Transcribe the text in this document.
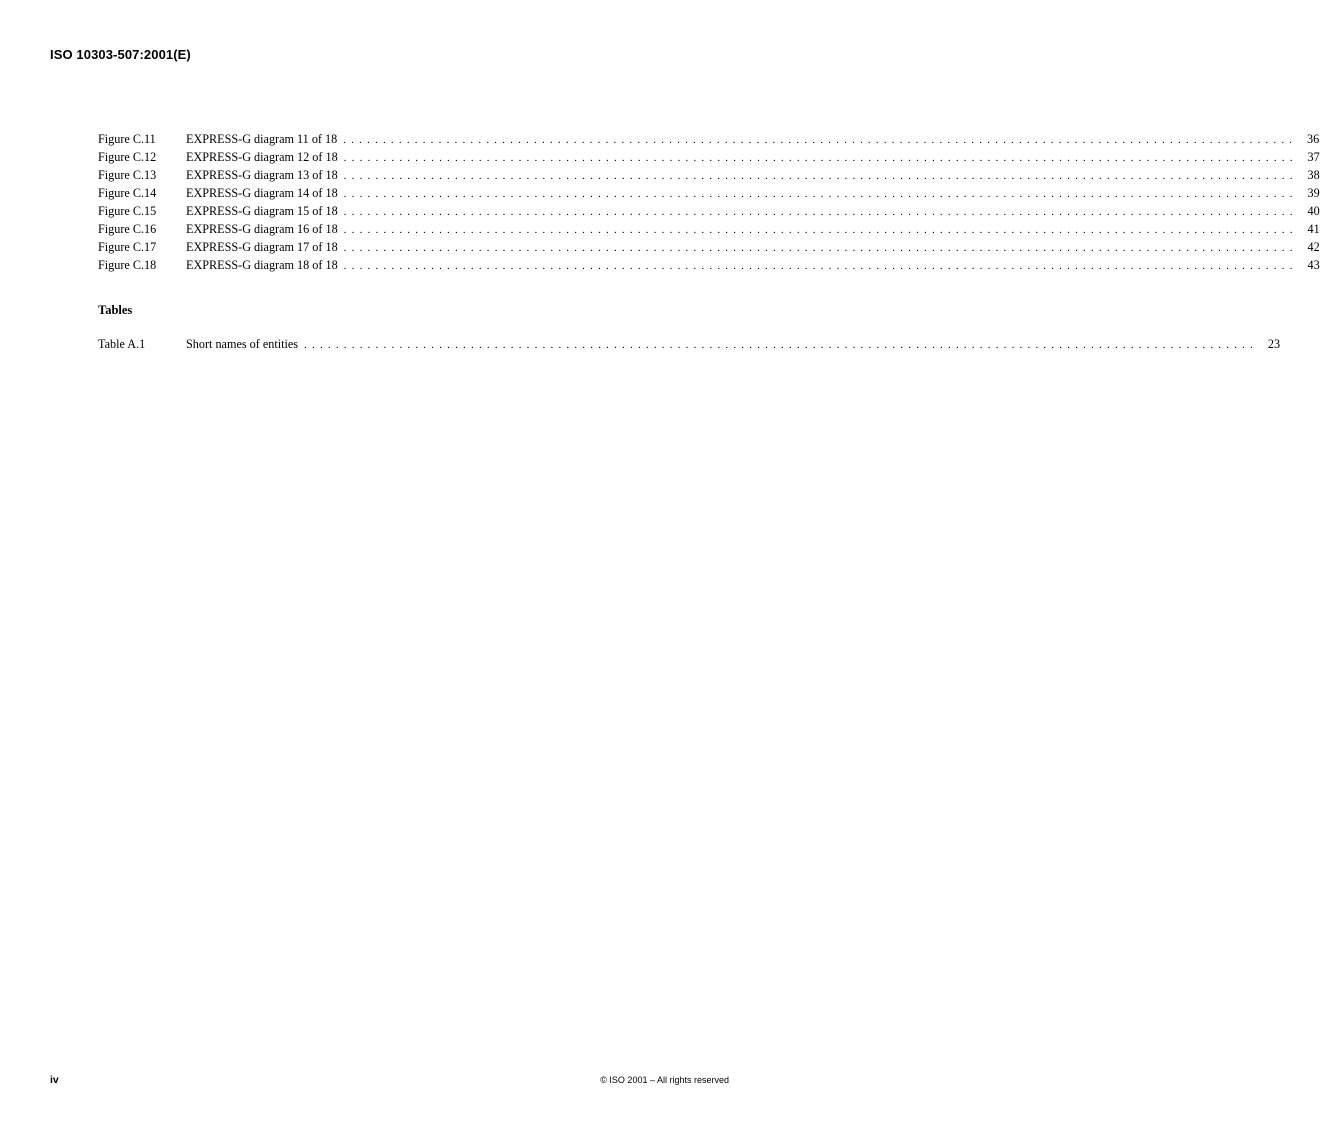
ISO 10303-507:2001(E)
Figure C.11	EXPRESS-G diagram 11 of 18 ........................................................................................................................ 36
Figure C.12	EXPRESS-G diagram 12 of 18 ........................................................................................................................ 37
Figure C.13	EXPRESS-G diagram 13 of 18 ........................................................................................................................ 38
Figure C.14	EXPRESS-G diagram 14 of 18 ........................................................................................................................ 39
Figure C.15	EXPRESS-G diagram 15 of 18 ........................................................................................................................ 40
Figure C.16	EXPRESS-G diagram 16 of 18 ........................................................................................................................ 41
Figure C.17	EXPRESS-G diagram 17 of 18 ........................................................................................................................ 42
Figure C.18	EXPRESS-G diagram 18 of 18 ........................................................................................................................ 43
Tables
Table A.1	Short names of entities ........................................................................................................................ 23
iv	© ISO 2001 – All rights reserved
